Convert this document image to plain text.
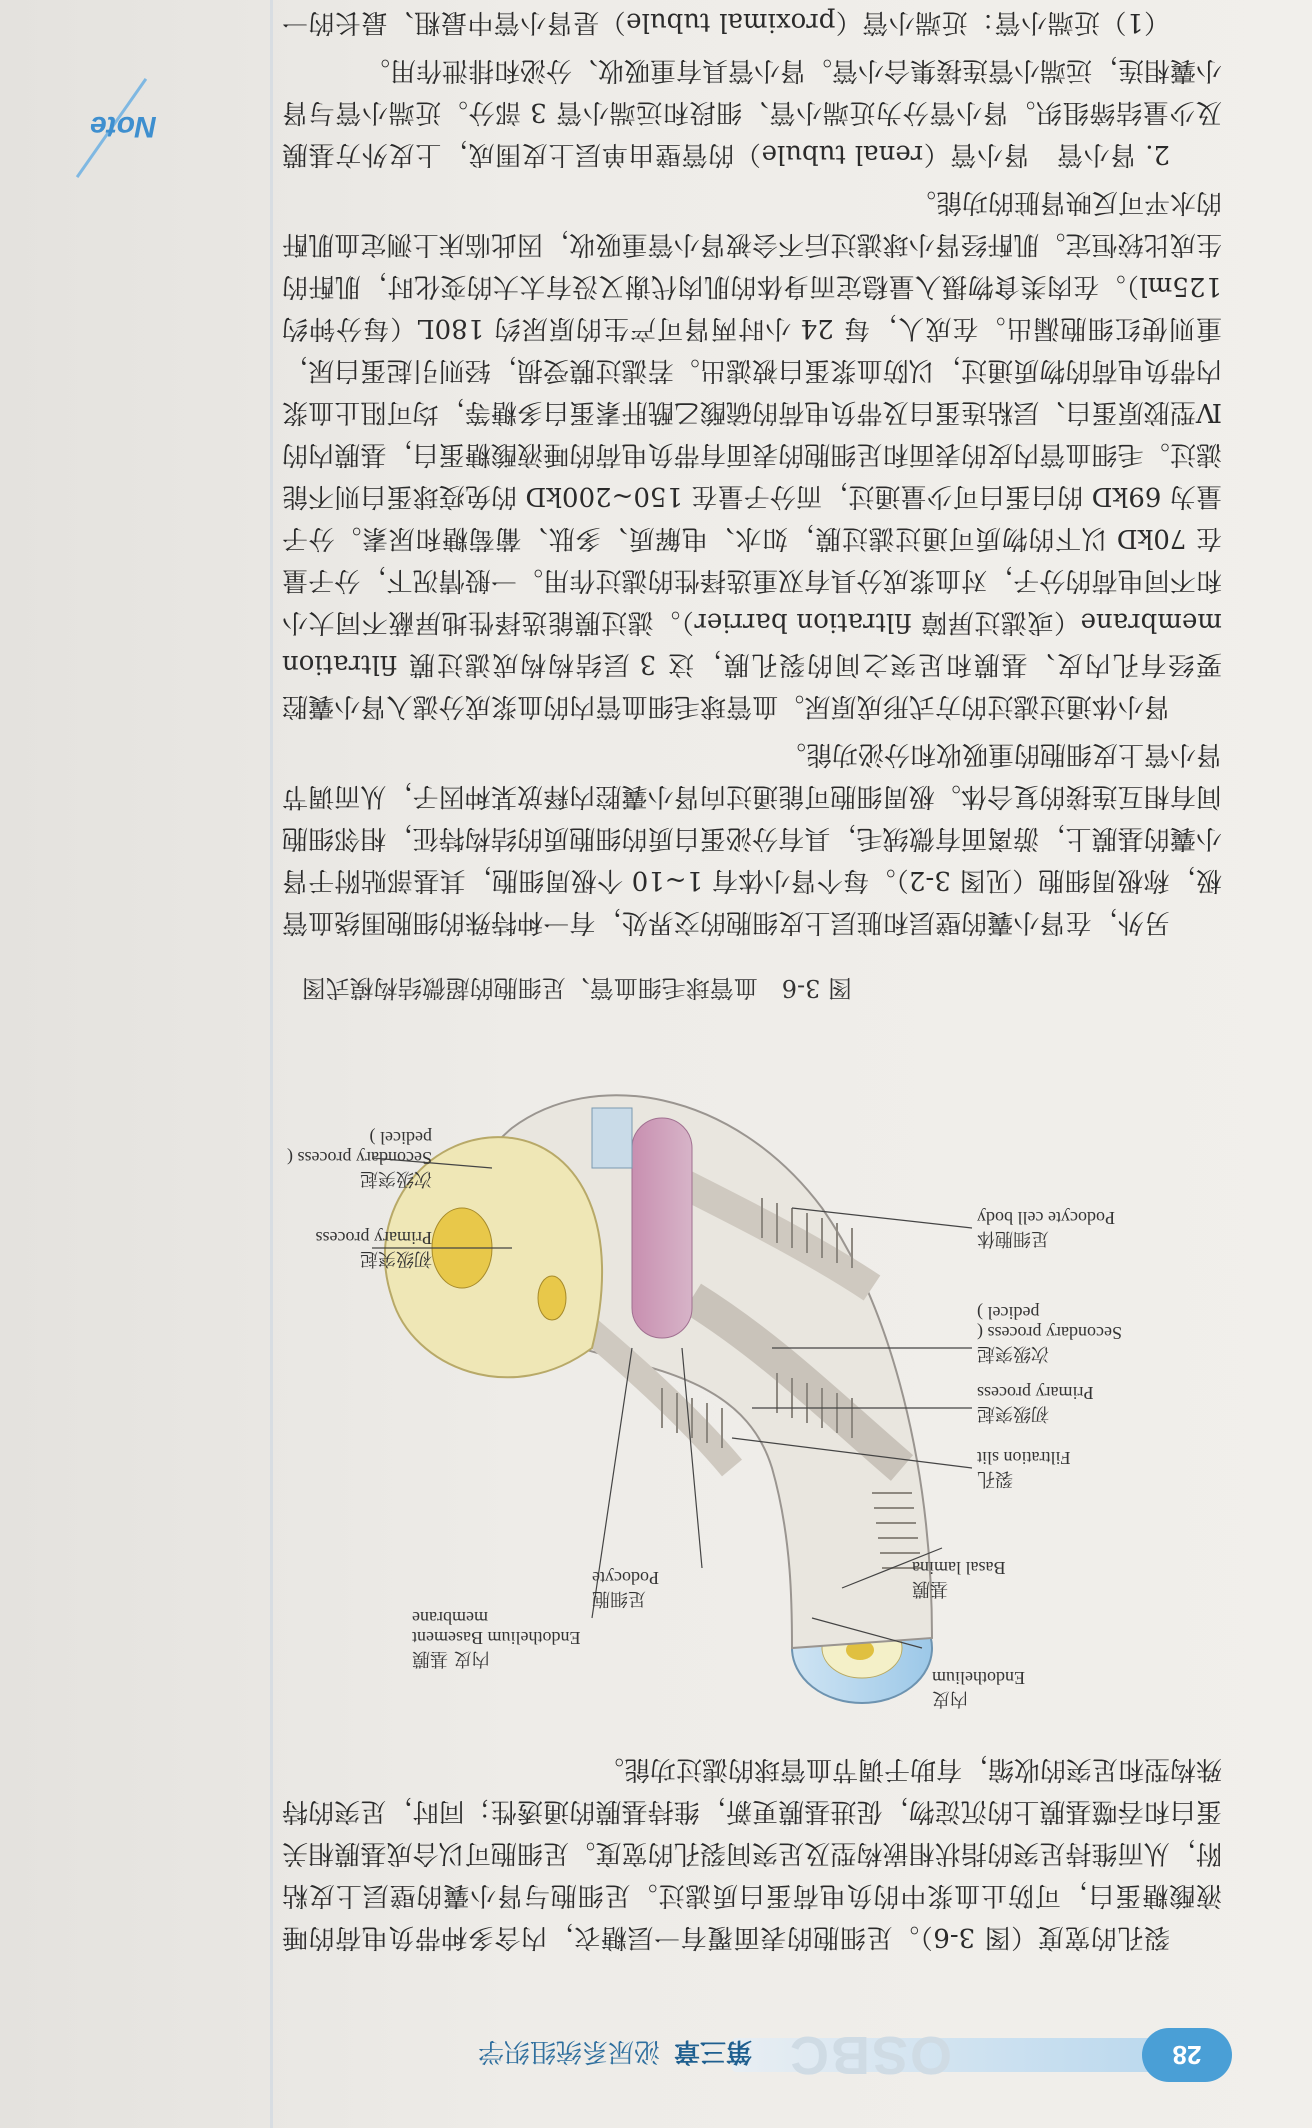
28
OSBC
第三章泌尿系统组织学
Note

裂孔的宽度（图 3-6）。足细胞的表面覆有一层糖衣，内含多种带负电荷的唾液酸糖蛋白，可防止血浆中的负电荷蛋白质滤过。足细胞与肾小囊的壁层上皮粘附，从而维持足突的指状相嵌构型及足突间裂孔的宽度。足细胞可以合成基膜相关蛋白和吞噬基膜上的沉淀物，促进基膜更新，维持基膜的通透性；同时，足突的特殊构型和足突的收缩，有助于调节血管球的滤过功能。

内皮
Endothelium
基膜
Basal lamina
内皮 基膜
Endothelium Basement membrane
足细胞
Podocyte
裂孔
Filtration slit
初级突起
Primary process
次级突起
Secondary process ( pedicel )
足细胞体
Podocyte cell body
初级突起
Primary process
次级突起
Secondary process ( pedicel )
图 3-6　血管球毛细血管、足细胞的超微结构模式图

另外，在肾小囊的壁层和脏层上皮细胞的交界处，有一种特殊的细胞围绕血管极，称极周细胞（见图 3-2）。每个肾小体有 1~10 个极周细胞，其基部贴附于肾小囊的基膜上，游离面有微绒毛，具有分泌蛋白质的细胞质的结构特征，相邻细胞间有相互连接的复合体。极周细胞可能通过向肾小囊腔内释放某种因子，从而调节肾小管上皮细胞的重吸收和分泌功能。

肾小体通过滤过的方式形成原尿。血管球毛细血管内的血浆成分滤入肾小囊腔要经有孔内皮、基膜和足突之间的裂孔膜，这 3 层结构构成滤过膜 filtration membrane（或滤过屏障 filtration barrier）。滤过膜能选择性地屏蔽不同大小和不同电荷的分子，对血浆成分具有双重选择性的滤过作用。一般情况下，分子量在 70kD 以下的物质可通过滤过膜，如水、电解质、多肽、葡萄糖和尿素。分子量为 69kD 的白蛋白可少量通过，而分子量在 150~200kD 的免疫球蛋白则不能滤过。毛细血管内皮的表面和足细胞的表面有带负电荷的唾液酸糖蛋白，基膜内的Ⅳ型胶原蛋白、层粘连蛋白及带负电荷的硫酸乙酰肝素蛋白多糖等，均可阻止血浆内带负电荷的物质通过，以防血浆蛋白被滤出。若滤过膜受损，轻则引起蛋白尿，重则使红细胞漏出。在成人，每 24 小时两肾可产生的原尿约 180L（每分钟约 125ml）。在肉类食物摄入量稳定而身体的肌肉代谢又没有太大的变化时，肌酐的生成比较恒定。肌酐经肾小球滤过后不会被肾小管重吸收，因此临床上测定血肌酐的水平可反映肾脏的功能。

2. 肾小管　肾小管（renal tubule）的管壁由单层上皮围成，上皮外方基膜及少量结缔组织。肾小管分为近端小管、细段和远端小管 3 部分。近端小管与肾小囊相连，远端小管连接集合小管。肾小管具有重吸收、分泌和排泄作用。

（1）近端小管：近端小管（proximal tubule）是肾小管中最粗、最长的一
